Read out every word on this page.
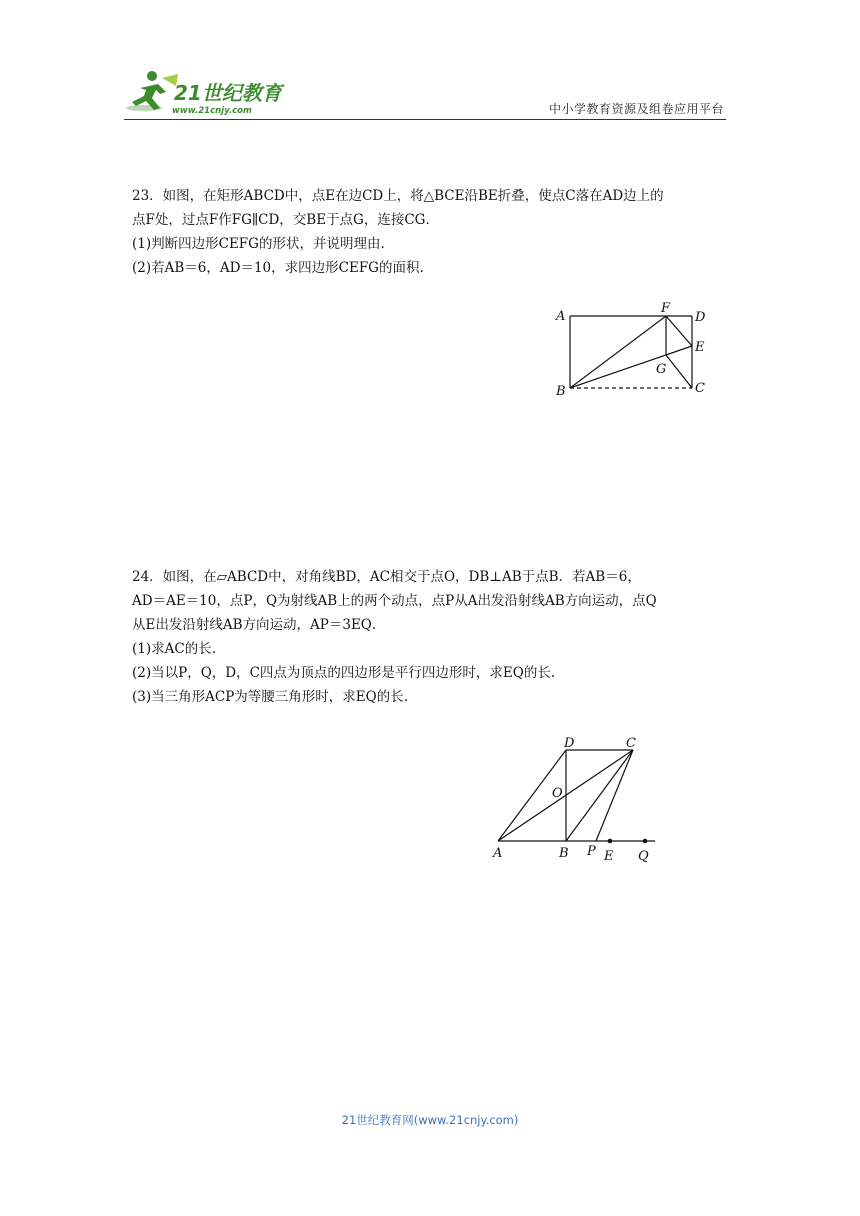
21世纪教育
www.21cnjy.com	中小学教育资源及组卷应用平台

23．如图，在矩形ABCD中，点E在边CD上，将△BCE沿BE折叠，使点C落在AD边上的

点F处，过点F作FG∥CD，交BE于点G，连接CG．

(1)判断四边形CEFG的形状，并说明理由.

(2)若AB＝6，AD＝10，求四边形CEFG的面积.

A
B	C
D
E
F
G

24．如图，在▱ABCD中，对角线BD，AC相交于点O，DB⊥AB于点B．若AB＝6，

AD＝AE＝10，点P，Q为射线AB上的两个动点，点P从A出发沿射线AB方向运动，点Q

从E出发沿射线AB方向运动，AP＝3EQ．

(1)求AC的长.

(2)当以P，Q，D，C四点为顶点的四边形是平行四边形时，求EQ的长.

(3)当三角形ACP为等腰三角形时，求EQ的长.

A	B
C
D
O
P E Q
21世纪教育网(www.21cnjy.com)
